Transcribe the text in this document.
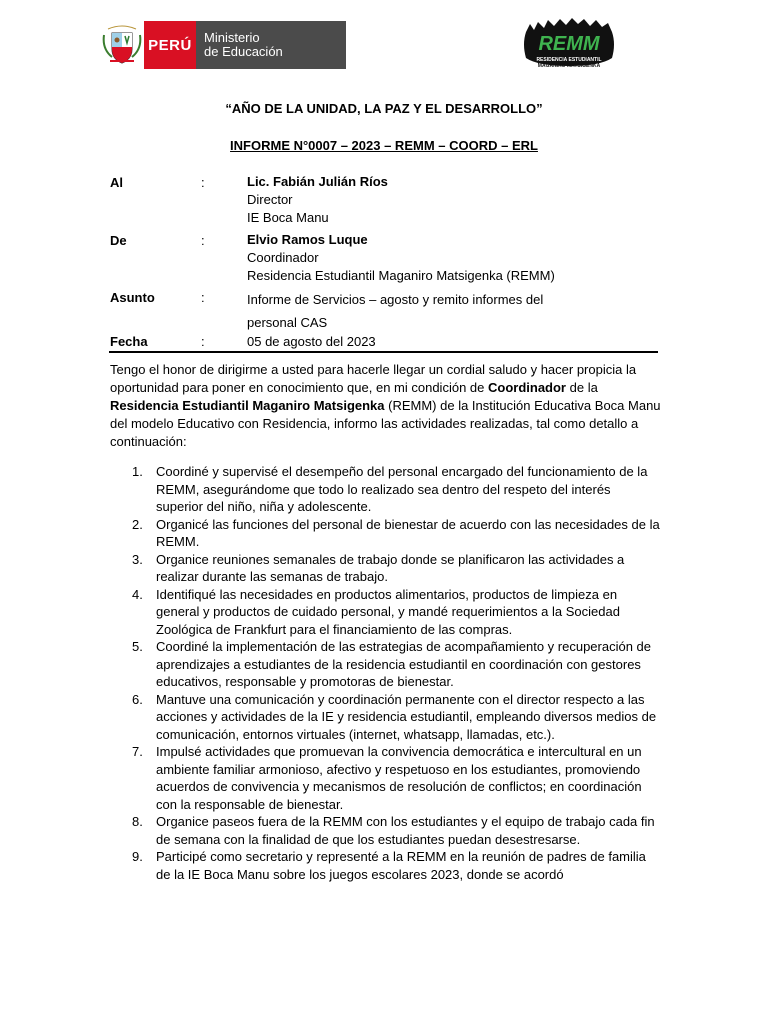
PERÚ Ministerio
de Educación	REMM
RESIDENCIA ESTUDIANTIL
MAGANIRO MATSIGENKA
“AÑO DE LA UNIDAD, LA PAZ Y EL DESARROLLO”
INFORME N°0007 – 2023 – REMM – COORD – ERL
Al	:	Lic. Fabián Julián Ríos
Director
IE Boca Manu
De	:	Elvio Ramos Luque
Coordinador
Residencia Estudiantil Maganiro Matsigenka (REMM)
Asunto	:	Informe de Servicios – agosto y remito informes del
personal CAS
Fecha	:	05 de agosto del 2023
Tengo el honor de dirigirme a usted para hacerle llegar un cordial saludo y hacer propicia la oportunidad para poner en conocimiento que, en mi condición de Coordinador de la Residencia Estudiantil Maganiro Matsigenka (REMM) de la Institución Educativa Boca Manu del modelo Educativo con Residencia, informo las actividades realizadas, tal como detallo a continuación:
1. Coordiné y supervisé el desempeño del personal encargado del funcionamiento de la REMM, asegurándome que todo lo realizado sea dentro del respeto del interés superior del niño, niña y adolescente.
2. Organicé las funciones del personal de bienestar de acuerdo con las necesidades de la REMM.
3. Organice reuniones semanales de trabajo donde se planificaron las actividades a realizar durante las semanas de trabajo.
4. Identifiqué las necesidades en productos alimentarios, productos de limpieza en general y productos de cuidado personal, y mandé requerimientos a la Sociedad Zoológica de Frankfurt para el financiamiento de las compras.
5. Coordiné la implementación de las estrategias de acompañamiento y recuperación de aprendizajes a estudiantes de la residencia estudiantil en coordinación con gestores educativos, responsable y promotoras de bienestar.
6. Mantuve una comunicación y coordinación permanente con el director respecto a las acciones y actividades de la IE y residencia estudiantil, empleando diversos medios de comunicación, entornos virtuales (internet, whatsapp, llamadas, etc.).
7. Impulsé actividades que promuevan la convivencia democrática e intercultural en un ambiente familiar armonioso, afectivo y respetuoso en los estudiantes, promoviendo acuerdos de convivencia y mecanismos de resolución de conflictos; en coordinación con la responsable de bienestar.
8. Organice paseos fuera de la REMM con los estudiantes y el equipo de trabajo cada fin de semana con la finalidad de que los estudiantes puedan desestresarse.
9. Participé como secretario y representé a la REMM en la reunión de padres de familia de la IE Boca Manu sobre los juegos escolares 2023, donde se acordó
